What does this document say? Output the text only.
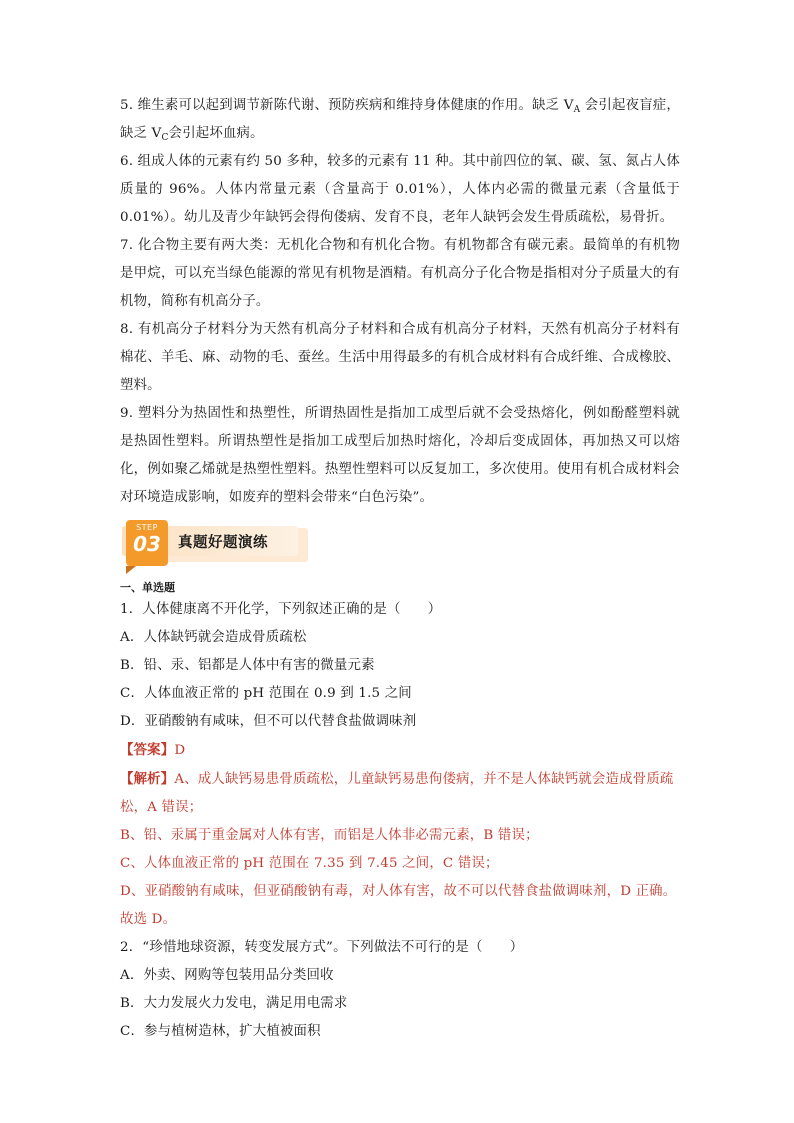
5. 维生素可以起到调节新陈代谢、预防疾病和维持身体健康的作用。缺乏 $V_A$ 会引起夜盲症，缺乏 $V_C$会引起坏血病。

6. 组成人体的元素有约 50 多种，较多的元素有 11 种。其中前四位的氧、碳、氢、氮占人体质量的 96%。人体内常量元素（含量高于 0.01%），人体内必需的微量元素（含量低于 0.01%）。幼儿及青少年缺钙会得佝偻病、发育不良，老年人缺钙会发生骨质疏松，易骨折。

7. 化合物主要有两大类：无机化合物和有机化合物。有机物都含有碳元素。最简单的有机物是甲烷，可以充当绿色能源的常见有机物是酒精。有机高分子化合物是指相对分子质量大的有机物，简称有机高分子。

8. 有机高分子材料分为天然有机高分子材料和合成有机高分子材料，天然有机高分子材料有棉花、羊毛、麻、动物的毛、蚕丝。生活中用得最多的有机合成材料有合成纤维、合成橡胶、塑料。

9. 塑料分为热固性和热塑性，所谓热固性是指加工成型后就不会受热熔化，例如酚醛塑料就是热固性塑料。所谓热塑性是指加工成型后加热时熔化，冷却后变成固体，再加热又可以熔化，例如聚乙烯就是热塑性塑料。热塑性塑料可以反复加工，多次使用。使用有机合成材料会对环境造成影响，如废弃的塑料会带来“白色污染”。

STEP
03	真题好题演练

一、单选题

1．人体健康离不开化学，下列叙述正确的是（　　）

A．人体缺钙就会造成骨质疏松

B．铅、汞、铝都是人体中有害的微量元素

C．人体血液正常的 pH 范围在 0.9 到 1.5 之间

D．亚硝酸钠有咸味，但不可以代替食盐做调味剂

【答案】D

【解析】A、成人缺钙易患骨质疏松，儿童缺钙易患佝偻病，并不是人体缺钙就会造成骨质疏松，A 错误；

B、铅、汞属于重金属对人体有害，而铝是人体非必需元素，B 错误；

C、人体血液正常的 pH 范围在 7.35 到 7.45 之间，C 错误；

D、亚硝酸钠有咸味，但亚硝酸钠有毒，对人体有害，故不可以代替食盐做调味剂，D 正确。

故选 D。

2．“珍惜地球资源，转变发展方式”。下列做法不可行的是（　　）

A．外卖、网购等包装用品分类回收

B．大力发展火力发电，满足用电需求

C．参与植树造林，扩大植被面积
